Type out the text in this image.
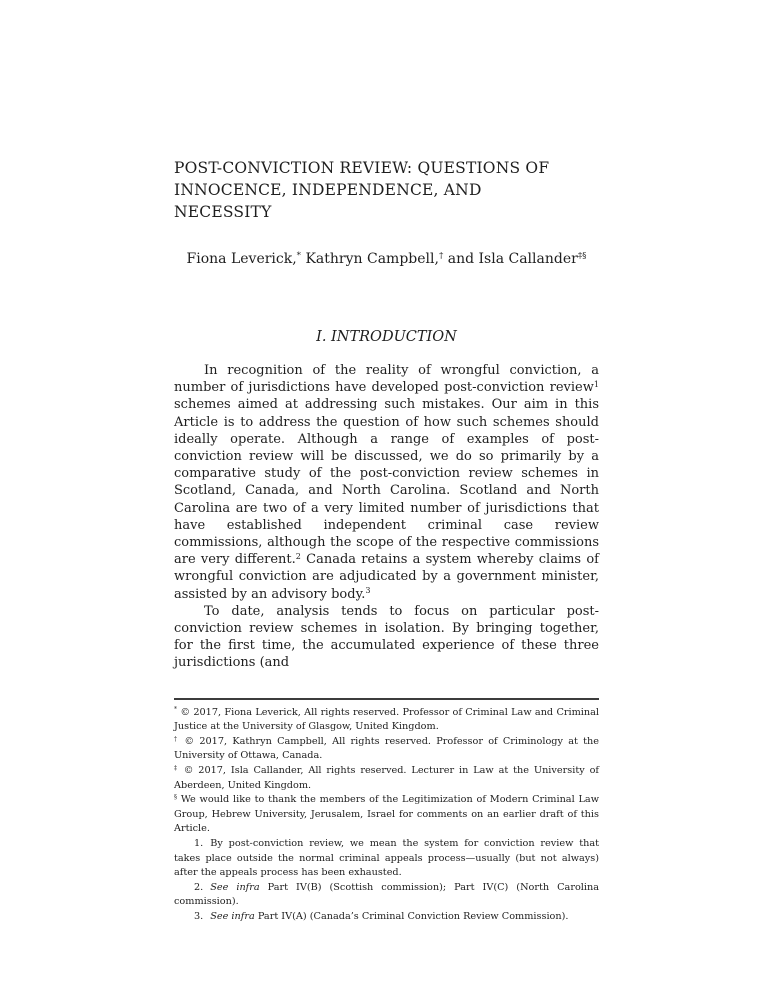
POST-CONVICTION REVIEW: QUESTIONS OF
INNOCENCE, INDEPENDENCE, AND
NECESSITY
Fiona Leverick,* Kathryn Campbell,† and Isla Callander‡§
I. INTRODUCTION

In recognition of the reality of wrongful conviction, a number of jurisdictions have developed post-conviction review$^1$ schemes aimed at addressing such mistakes. Our aim in this Article is to address the question of how such schemes should ideally operate. Although a range of examples of post-conviction review will be discussed, we do so primarily by a comparative study of the post-conviction review schemes in Scotland, Canada, and North Carolina. Scotland and North Carolina are two of a very limited number of jurisdictions that have established independent criminal case review commissions, although the scope of the respective commissions are very different.$^2$ Canada retains a system whereby claims of wrongful conviction are adjudicated by a government minister, assisted by an advisory body.$^3$

To date, analysis tends to focus on particular post-conviction review schemes in isolation. By bringing together, for the first time, the accumulated experience of these three jurisdictions (and

* © 2017, Fiona Leverick, All rights reserved. Professor of Criminal Law and Criminal Justice at the University of Glasgow, United Kingdom.

† © 2017, Kathryn Campbell, All rights reserved. Professor of Criminology at the University of Ottawa, Canada.

‡ © 2017, Isla Callander, All rights reserved. Lecturer in Law at the University of Aberdeen, United Kingdom.

§ We would like to thank the members of the Legitimization of Modern Criminal Law Group, Hebrew University, Jerusalem, Israel for comments on an earlier draft of this Article.

1. By post-conviction review, we mean the system for conviction review that takes place outside the normal criminal appeals process—usually (but not always) after the appeals process has been exhausted.

2. See infra Part IV(B) (Scottish commission); Part IV(C) (North Carolina commission).

3. See infra Part IV(A) (Canada’s Criminal Conviction Review Commission).
